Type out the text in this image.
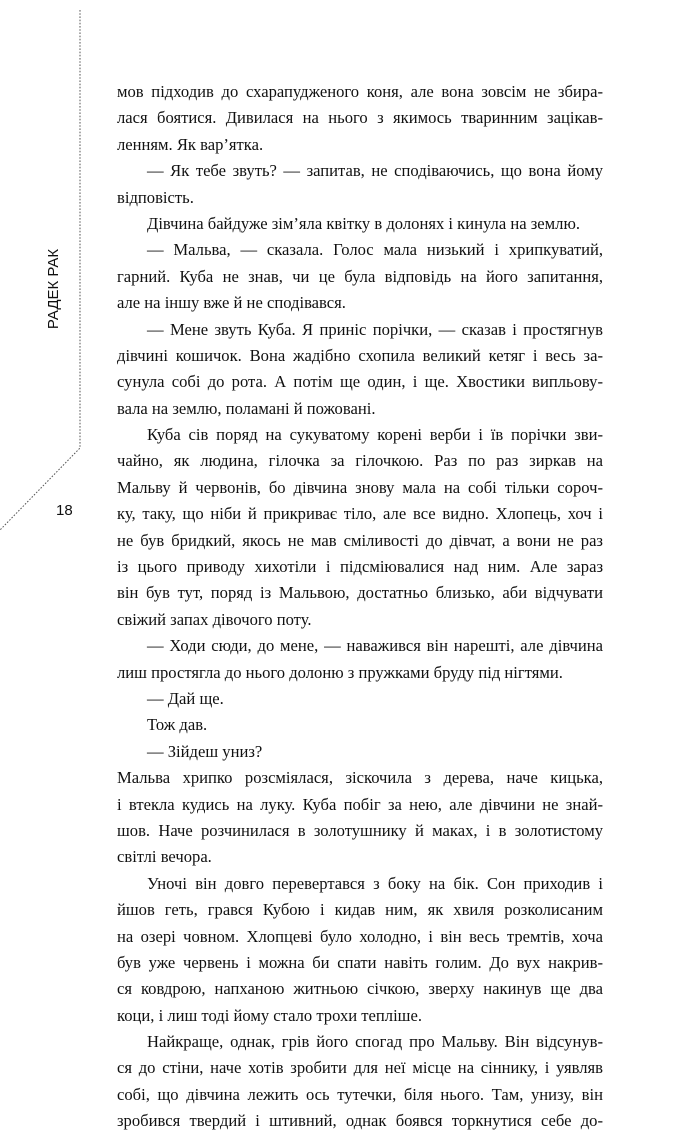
РАДЕК РАК
18
мов підходив до схарапудженого коня, але вона зовсім не збира-
лася боятися. Дивилася на нього з якимось тваринним зацікав-
ленням. Як вар’ятка.
— Як тебе звуть? — запитав, не сподіваючись, що вона йому
відповість.
Дівчина байдуже зім’яла квітку в долонях і кинула на землю.
— Мальва, — сказала. Голос мала низький і хрипкуватий,
гарний. Куба не знав, чи це була відповідь на його запитання,
але на іншу вже й не сподівався.
— Мене звуть Куба. Я приніс порічки, — сказав і простягнув
дівчині кошичок. Вона жадібно схопила великий кетяг і весь за-
сунула собі до рота. А потім ще один, і ще. Хвостики випльову-
вала на землю, поламані й пожовані.
Куба сів поряд на сукуватому корені верби і їв порічки зви-
чайно, як людина, гілочка за гілочкою. Раз по раз зиркав на
Мальву й червонів, бо дівчина знову мала на собі тільки сороч-
ку, таку, що ніби й прикриває тіло, але все видно. Хлопець, хоч і
не був бридкий, якось не мав сміливості до дівчат, а вони не раз
із цього приводу хихотіли і підсміювалися над ним. Але зараз
він був тут, поряд із Мальвою, достатньо близько, аби відчувати
свіжий запах дівочого поту.
— Ходи сюди, до мене, — наважився він нарешті, але дівчина
лиш простягла до нього долоню з пружками бруду під нігтями.
— Дай ще.
Тож дав.
— Зійдеш униз?
Мальва хрипко розсміялася, зіскочила з дерева, наче кицька,
і втекла кудись на луку. Куба побіг за нею, але дівчини не знай-
шов. Наче розчинилася в золотушнику й маках, і в золотистому
світлі вечора.
Уночі він довго перевертався з боку на бік. Сон приходив і
йшов геть, грався Кубою і кидав ним, як хвиля розколисаним
на озері човном. Хлопцеві було холодно, і він весь тремтів, хоча
був уже червень і можна би спати навіть голим. До вух накрив-
ся ковдрою, напханою житньою січкою, зверху накинув ще два
коци, і лиш тоді йому стало трохи тепліше.
Найкраще, однак, грів його спогад про Мальву. Він відсунув-
ся до стіни, наче хотів зробити для неї місце на сіннику, і уявляв
собі, що дівчина лежить ось тутечки, біля нього. Там, унизу, він
зробився твердий і штивний, однак боявся торкнутися себе до-
